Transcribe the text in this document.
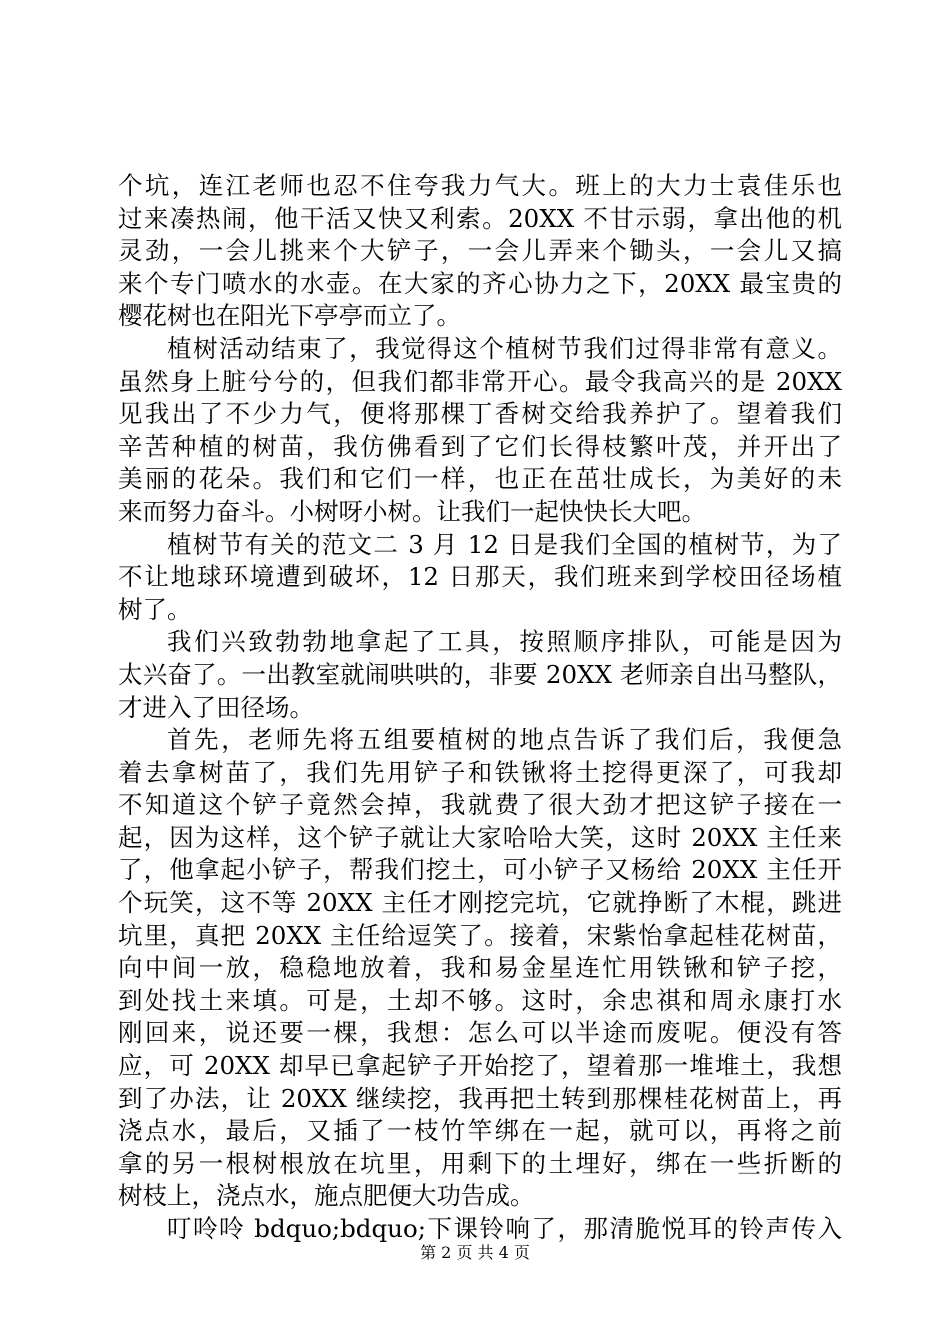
个坑，连江老师也忍不住夸我力气大。班上的大力士袁佳乐也
过来凑热闹，他干活又快又利索。20XX 不甘示弱，拿出他的机
灵劲，一会儿挑来个大铲子，一会儿弄来个锄头，一会儿又搞
来个专门喷水的水壶。在大家的齐心协力之下，20XX 最宝贵的
樱花树也在阳光下亭亭而立了。
植树活动结束了，我觉得这个植树节我们过得非常有意义。
虽然身上脏兮兮的，但我们都非常开心。最令我高兴的是 20XX
见我出了不少力气，便将那棵丁香树交给我养护了。望着我们
辛苦种植的树苗，我仿佛看到了它们长得枝繁叶茂，并开出了
美丽的花朵。我们和它们一样，也正在茁壮成长，为美好的未
来而努力奋斗。小树呀小树。让我们一起快快长大吧。
植树节有关的范文二 3 月 12 日是我们全国的植树节，为了
不让地球环境遭到破坏，12 日那天，我们班来到学校田径场植
树了。
我们兴致勃勃地拿起了工具，按照顺序排队，可能是因为
太兴奋了。一出教室就闹哄哄的，非要 20XX 老师亲自出马整队，
才进入了田径场。
首先，老师先将五组要植树的地点告诉了我们后，我便急
着去拿树苗了，我们先用铲子和铁锹将土挖得更深了，可我却
不知道这个铲子竟然会掉，我就费了很大劲才把这铲子接在一
起，因为这样，这个铲子就让大家哈哈大笑，这时 20XX 主任来
了，他拿起小铲子，帮我们挖土，可小铲子又杨给 20XX 主任开
个玩笑，这不等 20XX 主任才刚挖完坑，它就挣断了木棍，跳进
坑里，真把 20XX 主任给逗笑了。接着，宋紫怡拿起桂花树苗，
向中间一放，稳稳地放着，我和易金星连忙用铁锹和铲子挖，
到处找土来填。可是，土却不够。这时，余忠祺和周永康打水
刚回来，说还要一棵，我想：怎么可以半途而废呢。便没有答
应，可 20XX 却早已拿起铲子开始挖了，望着那一堆堆土，我想
到了办法，让 20XX 继续挖，我再把土转到那棵桂花树苗上，再
浇点水，最后，又插了一枝竹竿绑在一起，就可以，再将之前
拿的另一根树根放在坑里，用剩下的土埋好，绑在一些折断的
树枝上，浇点水，施点肥便大功告成。
叮呤呤 bdquo;bdquo;下课铃响了，那清脆悦耳的铃声传入
第 2 页 共 4 页
